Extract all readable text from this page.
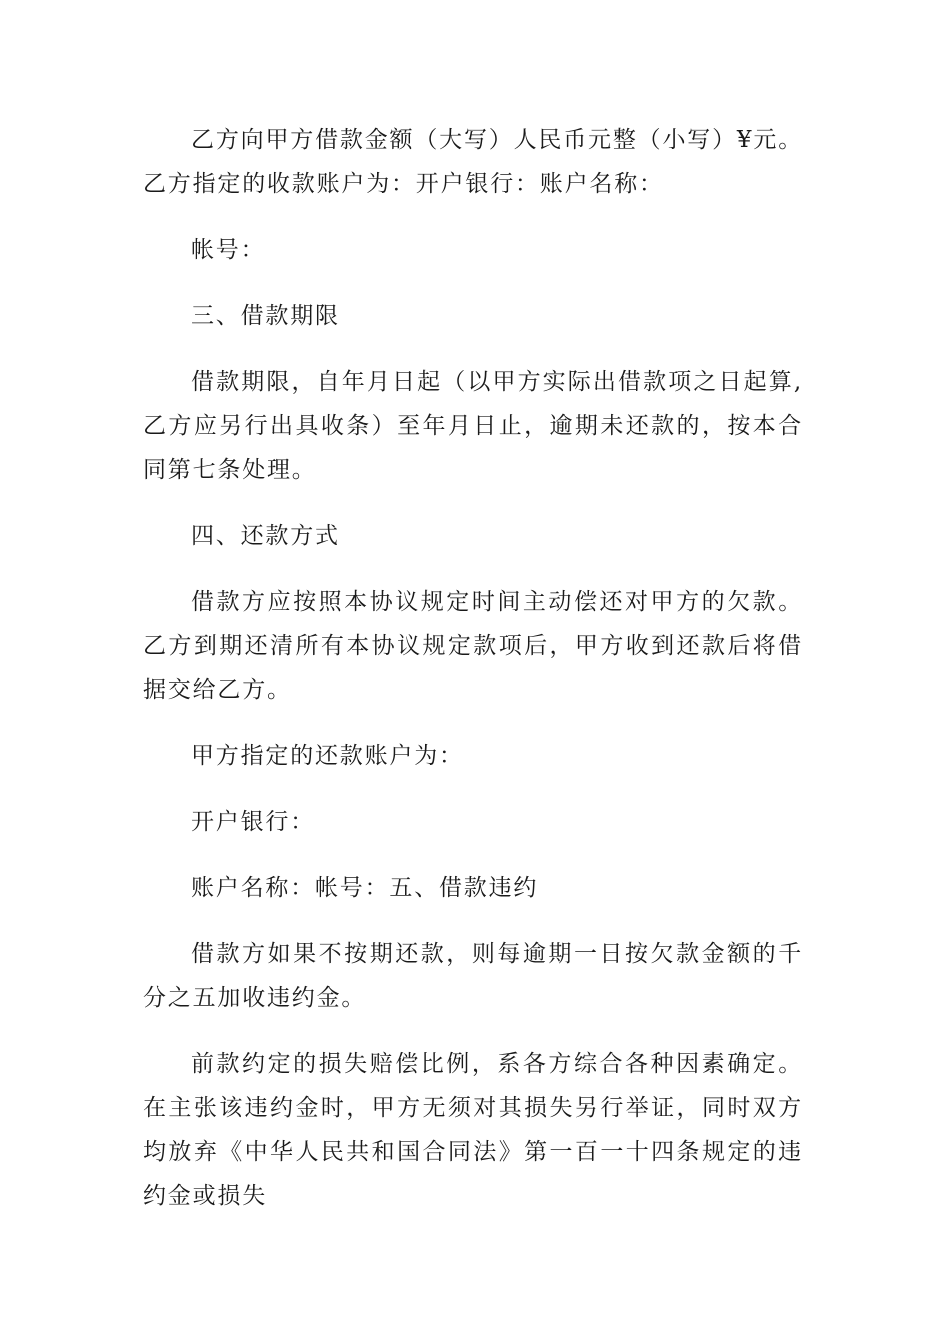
乙方向甲方借款金额（大写）人民币元整（小写）¥元。乙方指定的收款账户为：开户银行：账户名称：

帐号：

三、借款期限

借款期限，自年月日起（以甲方实际出借款项之日起算,乙方应另行出具收条）至年月日止，逾期未还款的，按本合同第七条处理。

四、还款方式

借款方应按照本协议规定时间主动偿还对甲方的欠款。乙方到期还清所有本协议规定款项后，甲方收到还款后将借据交给乙方。

甲方指定的还款账户为：

开户银行：

账户名称：帐号：五、借款违约

借款方如果不按期还款，则每逾期一日按欠款金额的千分之五加收违约金。

前款约定的损失赔偿比例，系各方综合各种因素确定。在主张该违约金时，甲方无须对其损失另行举证，同时双方均放弃《中华人民共和国合同法》第一百一十四条规定的违约金或损失
